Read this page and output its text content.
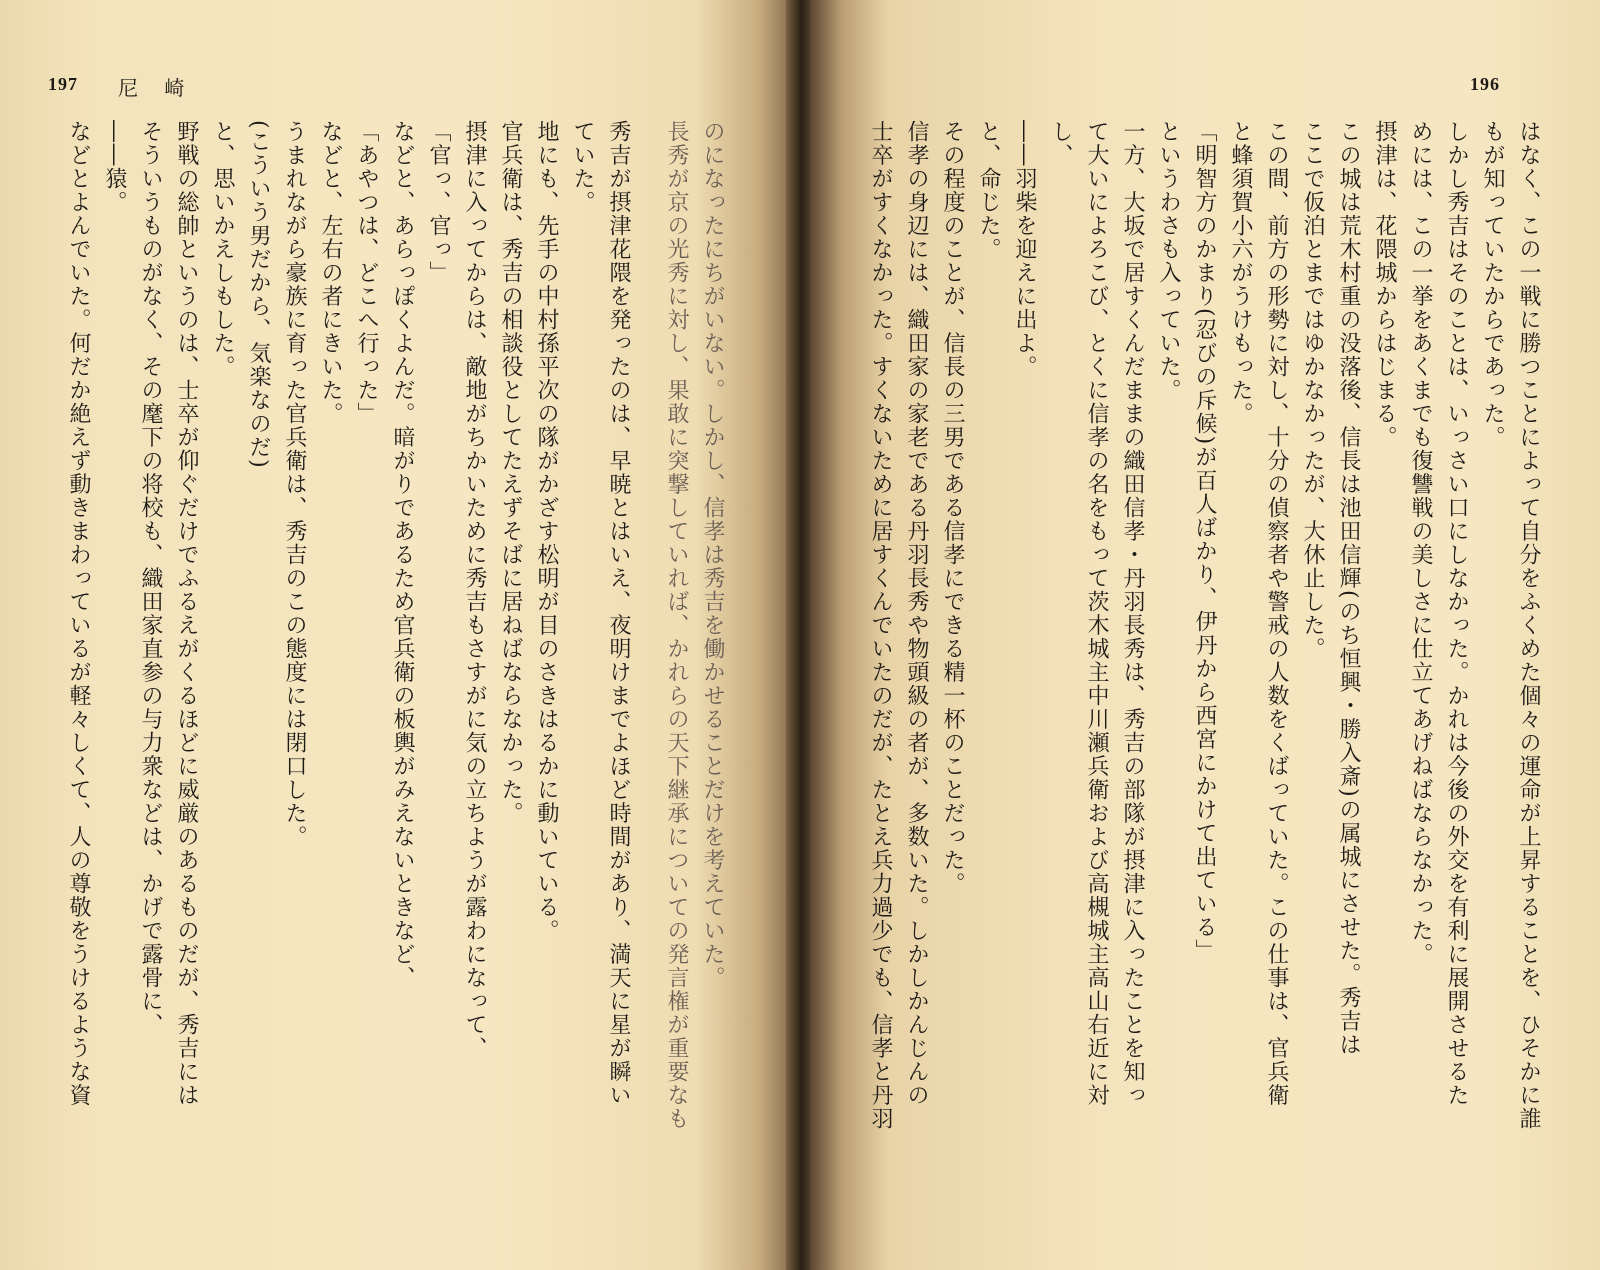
197 尼 崎

のになったにちがいない。しかし、信孝は秀吉を働かせることだけを考えていた。

長秀が京の光秀に対し、果敢に突撃していれば、かれらの天下継承についての発言権が重要なも

秀吉が摂津花隈を発ったのは、早暁とはいえ、夜明けまでよほど時間があり、満天に星が瞬い

ていた。

地にも、先手の中村孫平次の隊がかざす松明が目のさきはるかに動いている。

官兵衛は、秀吉の相談役としてたえずそばに居ねばならなかった。

摂津に入ってからは、敵地がちかいために秀吉もさすがに気の立ちようが露わになって、

「官っ、官っ」

などと、あらっぽくよんだ。暗がりであるため官兵衛の板輿がみえないときなど、

「あやつは、どこへ行った」

などと、左右の者にきいた。

うまれながら豪族に育った官兵衛は、秀吉のこの態度には閉口した。

(こういう男だから、気楽なのだ)

と、思いかえしもした。

野戦の総帥というのは、士卒が仰ぐだけでふるえがくるほどに威厳のあるものだが、秀吉には

そういうものがなく、その麾下の将校も、織田家直参の与力衆などは、かげで露骨に、

――猿。

などとよんでいた。何だか絶えず動きまわっているが軽々しくて、人の尊敬をうけるような資

196

はなく、この一戦に勝つことによって自分をふくめた個々の運命が上昇することを、ひそかに誰

もが知っていたからであった。

しかし秀吉はそのことは、いっさい口にしなかった。かれは今後の外交を有利に展開させるた

めには、この一挙をあくまでも復讐戦の美しさに仕立てあげねばならなかった。

摂津は、花隈城からはじまる。

この城は荒木村重の没落後、信長は池田信輝(のち恒興・勝入斎)の属城にさせた。秀吉は

ここで仮泊とまではゆかなかったが、大休止した。

この間、前方の形勢に対し、十分の偵察者や警戒の人数をくばっていた。この仕事は、官兵衛

と蜂須賀小六がうけもった。

「明智方のかまり(忍びの斥候)が百人ばかり、伊丹から西宮にかけて出ている」

というわさも入っていた。

一方、大坂で居すくんだままの織田信孝・丹羽長秀は、秀吉の部隊が摂津に入ったことを知っ

て大いによろこび、とくに信孝の名をもって茨木城主中川瀬兵衛および高槻城主高山右近に対

し、

――羽柴を迎えに出よ。

と、命じた。

その程度のことが、信長の三男である信孝にできる精一杯のことだった。

信孝の身辺には、織田家の家老である丹羽長秀や物頭級の者が、多数いた。しかしかんじんの

士卒がすくなかった。すくないために居すくんでいたのだが、たとえ兵力過少でも、信孝と丹羽
